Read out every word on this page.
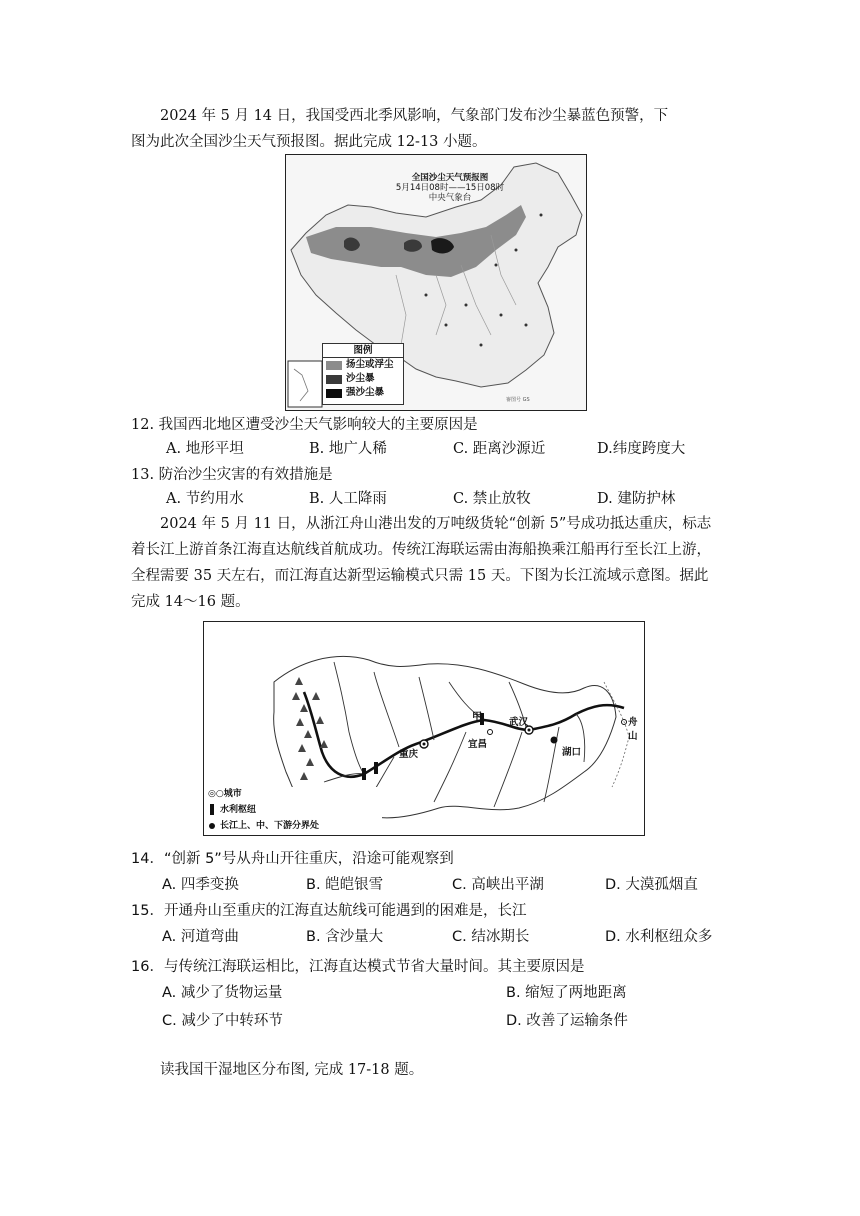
2024 年 5 月 14 日，我国受西北季风影响，气象部门发布沙尘暴蓝色预警，下
图为此次全国沙尘天气预报图。据此完成 12-13 小题。
審图号 GS
全国沙尘天气预报图
5月14日08时——15日08时
中央气象台
图例
扬尘或浮尘
沙尘暴
强沙尘暴
12. 我国西北地区遭受沙尘天气影响较大的主要原因是
A. 地形平坦	B. 地广人稀	C. 距离沙源近	D.纬度跨度大
13. 防治沙尘灾害的有效措施是
A. 节约用水	B. 人工降雨	C. 禁止放牧	D. 建防护林
2024 年 5 月 11 日，从浙江舟山港出发的万吨级货轮“创新 5”号成功抵达重庆，标志
着长江上游首条江海直达航线首航成功。传统江海联运需由海船换乘江船再行至长江上游，
全程需要 35 天左右，而江海直达新型运输模式只需 15 天。下图为长江流域示意图。据此
完成 14～16 题。
重庆
宜昌
武汉
湖口
舟
山
甲
◎○城市
水利枢纽
长江上、中、下游分界处
14．“创新 5”号从舟山开往重庆，沿途可能观察到
A. 四季变换	B. 皑皑银雪	C. 高峡出平湖	D. 大漠孤烟直
15．开通舟山至重庆的江海直达航线可能遇到的困难是，长江
A. 河道弯曲	B. 含沙量大	C. 结冰期长	D. 水利枢纽众多
16．与传统江海联运相比，江海直达模式节省大量时间。其主要原因是
A. 减少了货物运量	B. 缩短了两地距离
C. 减少了中转环节	D. 改善了运输条件
读我国干湿地区分布图, 完成 17-18 题。
